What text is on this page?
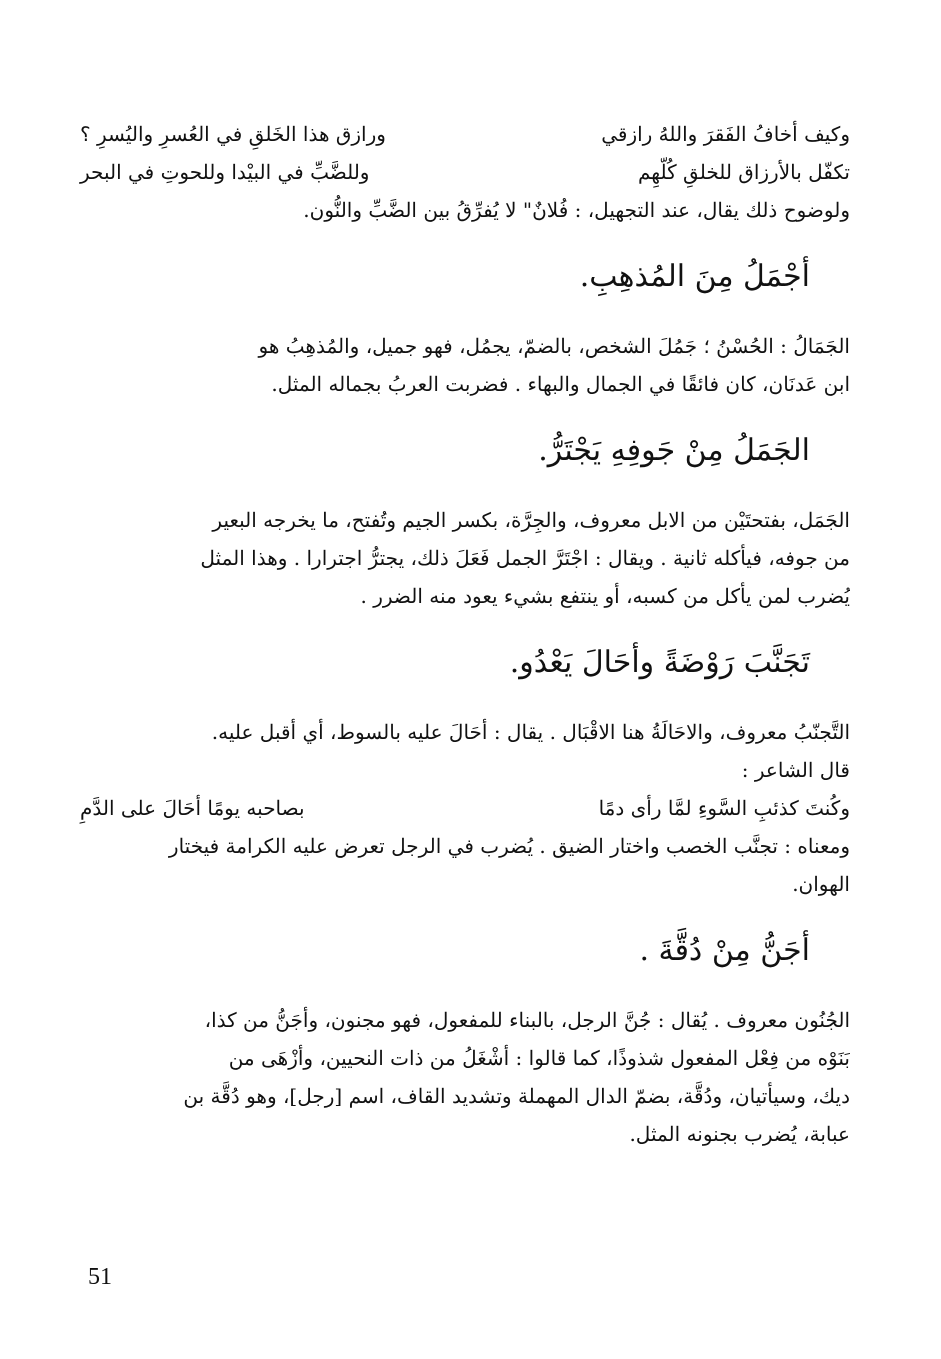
وكيف أخافُ الفَقرَ واللهُ رازقي
ورازق هذا الخَلقِ في العُسرِ واليُسرِ ؟
تكفّل بالأرزاق للخلقِ كُلّهِم
وللضَّبِّ في البيْدا وللحوتِ في البحر

ولوضوح ذلك يقال، عند التجهيل، : فُلانٌ" لا يُفرِّقُ بين الضَّبِّ والنُّون.

أجْمَلُ مِنَ المُذهِبِ.

الجَمَالُ : الحُسْنُ ؛ جَمُلَ الشخص، بالضمّ، يجمُل، فهو جميل، والمُذهِبُ هو

ابن عَدنَان، كان فائقًا في الجمال والبهاء . فضربت العربُ بجماله المثل.

الجَمَلُ مِنْ جَوفِهِ يَجْتَرُّ.

الجَمَل، بفتحتَيْن من الابل معروف، والجِرَّة، بكسر الجيم وتُفتح، ما يخرجه البعير

من جوفه، فيأكله ثانية . ويقال : اجْتَرَّ الجمل فَعَلَ ذلك، يجترُّ اجترارا . وهذا المثل

يُضرب لمن يأكل من كسبه، أو ينتفع بشيء يعود منه الضرر .

تَجَنَّبَ رَوْضَةً وأحَالَ يَعْدُو.

التَّجنّبُ معروف، والاحَالَةُ هنا الاقْبَال . يقال : أحَالَ عليه بالسوط، أي أقبل عليه.

قال الشاعر :

وكُنتَ كذئبِ السَّوءِ لمَّا رأى دمًا
بصاحبه يومًا أحَالَ على الدَّمِ

ومعناه : تجنَّب الخصب واختار الضيق . يُضرب في الرجل تعرض عليه الكرامة فيختار

الهوان.

أجَنُّ مِنْ دُقَّةَ .

الجُنُون معروف . يُقال : جُنَّ الرجل، بالبناء للمفعول، فهو مجنون، وأجَنُّ من كذا،

بَنَوْه من فِعْل المفعول شذوذًا، كما قالوا : أشْغَلُ من ذات النحيين، وأزْهَى من

ديك، وسيأتيان، ودُقَّة، بضمّ الدال المهملة وتشديد القاف، اسم [رجل]، وهو دُقَّة بن

عبابة، يُضرب بجنونه المثل.

51
